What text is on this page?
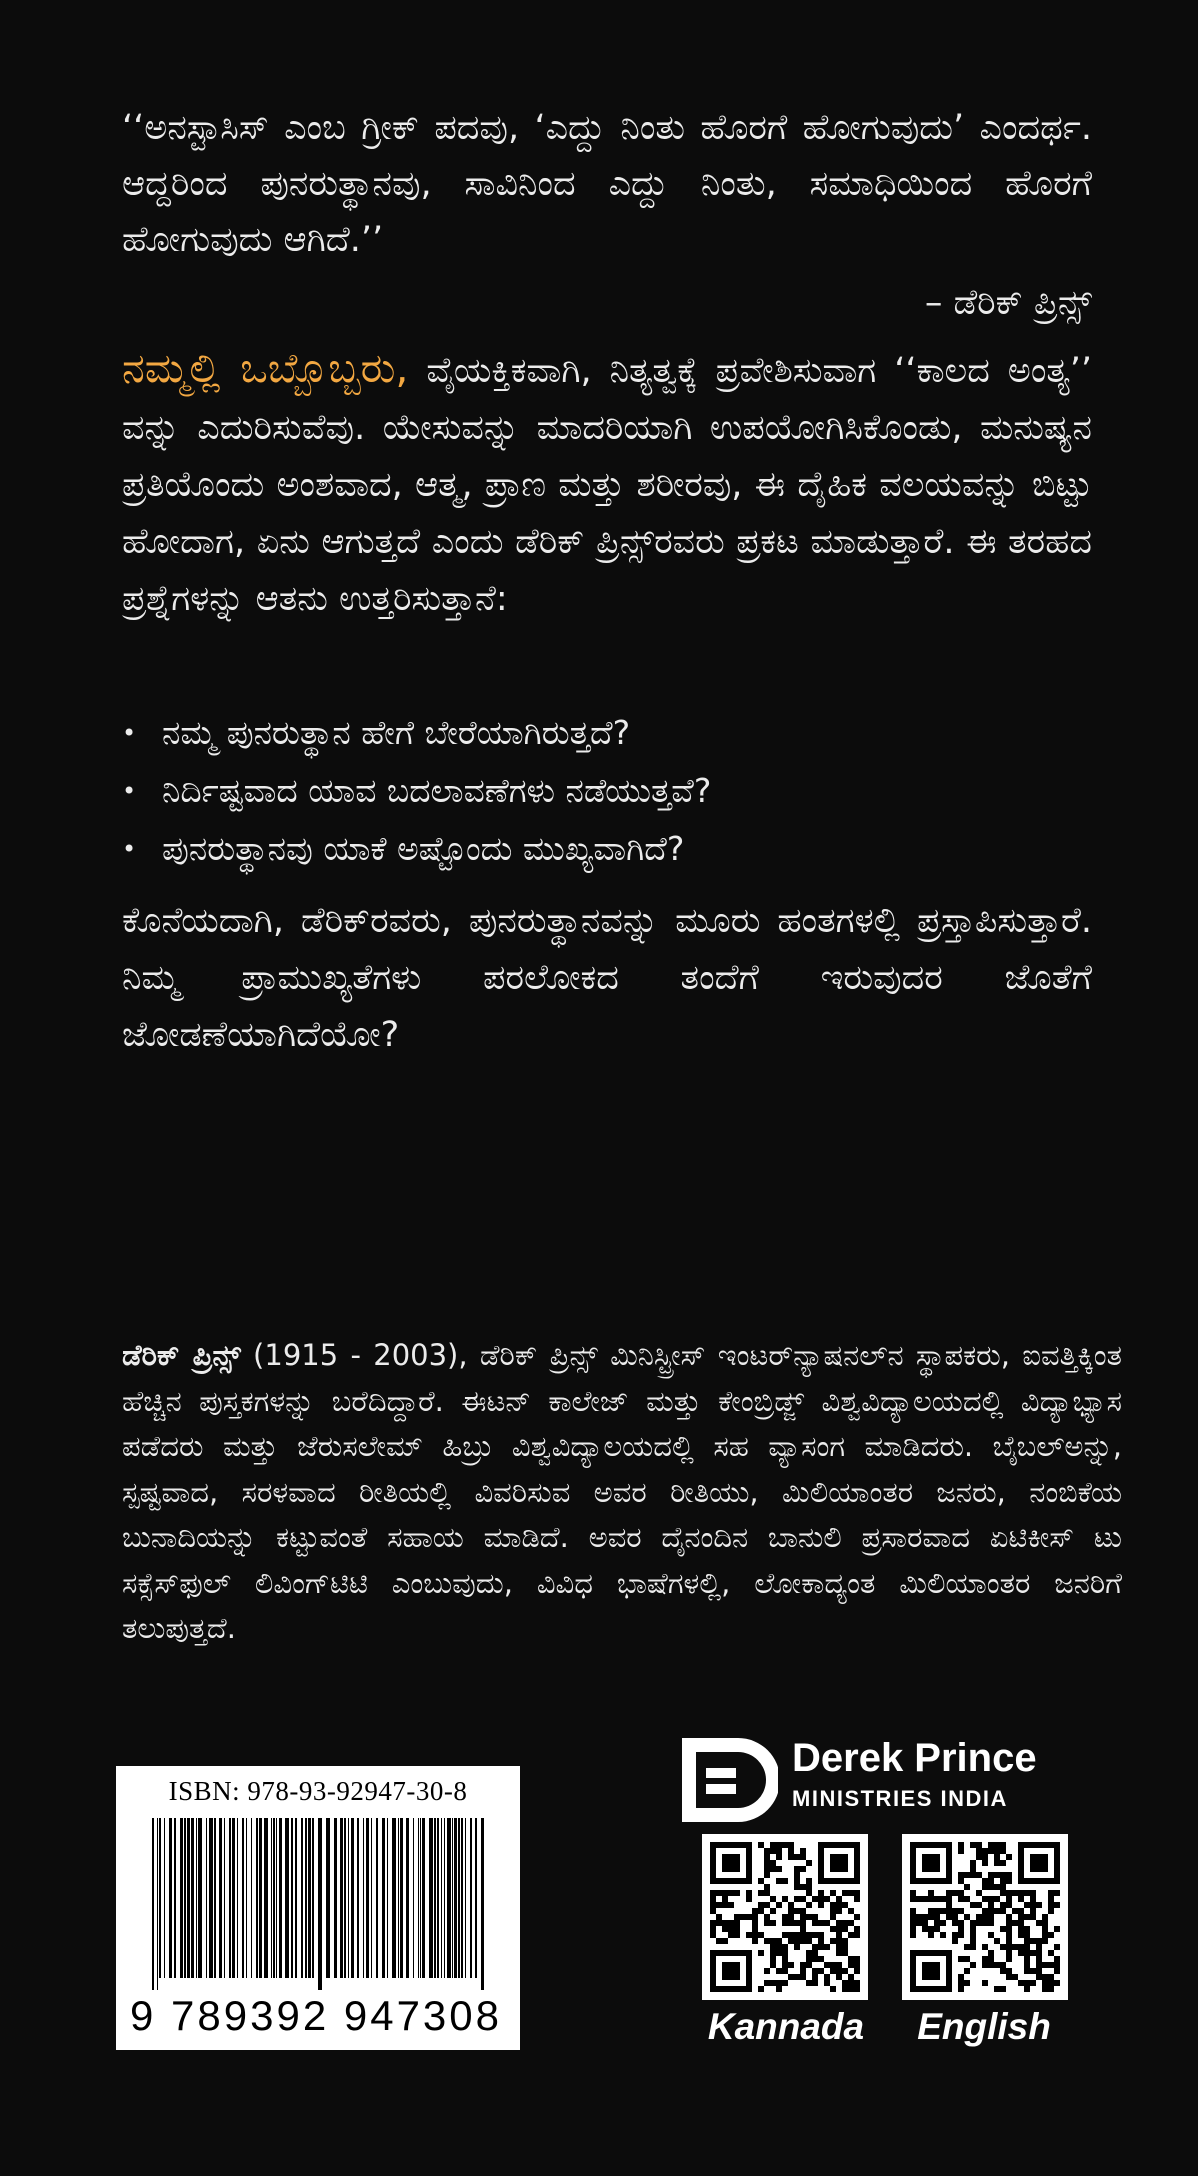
‘‘ಅನಸ್ಟಾಸಿಸ್ ಎಂಬ ಗ್ರೀಕ್ ಪದವು, ‘ಎದ್ದು ನಿಂತು ಹೊರಗೆ ಹೋಗುವುದು’ ಎಂದರ್ಥ. ಆದ್ದರಿಂದ ಪುನರುತ್ಥಾನವು, ಸಾವಿನಿಂದ ಎದ್ದು ನಿಂತು, ಸಮಾಧಿಯಿಂದ ಹೊರಗೆ ಹೋಗುವುದು ಆಗಿದೆ.’’

– ಡೆರಿಕ್ ಪ್ರಿನ್ಸ್

ನಮ್ಮಲ್ಲಿ ಒಬ್ಬೊಬ್ಬರು, ವೈಯಕ್ತಿಕವಾಗಿ, ನಿತ್ಯತ್ವಕ್ಕೆ ಪ್ರವೇಶಿಸುವಾಗ ‘‘ಕಾಲದ ಅಂತ್ಯ’’ ವನ್ನು ಎದುರಿಸುವೆವು. ಯೇಸುವನ್ನು ಮಾದರಿಯಾಗಿ ಉಪಯೋಗಿಸಿಕೊಂಡು, ಮನುಷ್ಯನ ಪ್ರತಿಯೊಂದು ಅಂಶವಾದ, ಆತ್ಮ, ಪ್ರಾಣ ಮತ್ತು ಶರೀರವು, ಈ ದೈಹಿಕ ವಲಯವನ್ನು ಬಿಟ್ಟು ಹೋದಾಗ, ಏನು ಆಗುತ್ತದೆ ಎಂದು ಡೆರಿಕ್ ಪ್ರಿನ್ಸ್‌ರವರು ಪ್ರಕಟ ಮಾಡುತ್ತಾರೆ. ಈ ತರಹದ ಪ್ರಶ್ನೆಗಳನ್ನು ಆತನು ಉತ್ತರಿಸುತ್ತಾನೆ:

• ನಮ್ಮ ಪುನರುತ್ಥಾನ ಹೇಗೆ ಬೇರೆಯಾಗಿರುತ್ತದೆ?
• ನಿರ್ದಿಷ್ಟವಾದ ಯಾವ ಬದಲಾವಣೆಗಳು ನಡೆಯುತ್ತವೆ?
• ಪುನರುತ್ಥಾನವು ಯಾಕೆ ಅಷ್ಟೊಂದು ಮುಖ್ಯವಾಗಿದೆ?

ಕೊನೆಯದಾಗಿ, ಡೆರಿಕ್‌ರವರು, ಪುನರುತ್ಥಾನವನ್ನು ಮೂರು ಹಂತಗಳಲ್ಲಿ ಪ್ರಸ್ತಾಪಿಸುತ್ತಾರೆ. ನಿಮ್ಮ ಪ್ರಾಮುಖ್ಯತೆಗಳು ಪರಲೋಕದ ತಂದೆಗೆ ಇರುವುದರ ಜೊತೆಗೆ ಜೋಡಣೆಯಾಗಿದೆಯೋ?

ಡೆರಿಕ್ ಪ್ರಿನ್ಸ್ (1915 - 2003), ಡೆರಿಕ್ ಪ್ರಿನ್ಸ್ ಮಿನಿಸ್ಟ್ರೀಸ್ ಇಂಟರ್‌ನ್ಯಾಷನಲ್‌ನ ಸ್ಥಾಪಕರು, ಐವತ್ತಿಕ್ಕಿಂತ ಹೆಚ್ಚಿನ ಪುಸ್ತಕಗಳನ್ನು ಬರೆದಿದ್ದಾರೆ. ಈಟನ್ ಕಾಲೇಜ್ ಮತ್ತು ಕೇಂಬ್ರಿಡ್ಜ್ ವಿಶ್ವವಿದ್ಯಾಲಯದಲ್ಲಿ ವಿದ್ಯಾಭ್ಯಾಸ ಪಡೆದರು ಮತ್ತು ಜೆರುಸಲೇಮ್ ಹಿಬ್ರು ವಿಶ್ವವಿದ್ಯಾಲಯದಲ್ಲಿ ಸಹ ವ್ಯಾಸಂಗ ಮಾಡಿದರು. ಬೈಬಲ್‌ಅನ್ನು, ಸ್ಪಷ್ಟವಾದ, ಸರಳವಾದ ರೀತಿಯಲ್ಲಿ ವಿವರಿಸುವ ಅವರ ರೀತಿಯು, ಮಿಲಿಯಾಂತರ ಜನರು, ನಂಬಿಕೆಯ ಬುನಾದಿಯನ್ನು ಕಟ್ಟುವಂತೆ ಸಹಾಯ ಮಾಡಿದೆ. ಅವರ ದೈನಂದಿನ ಬಾನುಲಿ ಪ್ರಸಾರವಾದ ಏಟಿಕೀಸ್ ಟು ಸಕ್ಸೆಸ್‌ಫುಲ್ ಲಿವಿಂಗ್‌ಟಿಟಿ ಎಂಬುವುದು, ವಿವಿಧ ಭಾಷೆಗಳಲ್ಲಿ, ಲೋಕಾದ್ಯಂತ ಮಿಲಿಯಾಂತರ ಜನರಿಗೆ ತಲುಪುತ್ತದೆ.

ISBN: 978-93-92947-30-8
9 789392 947308
Derek Prince
MINISTRIES INDIA
Kannada	English
